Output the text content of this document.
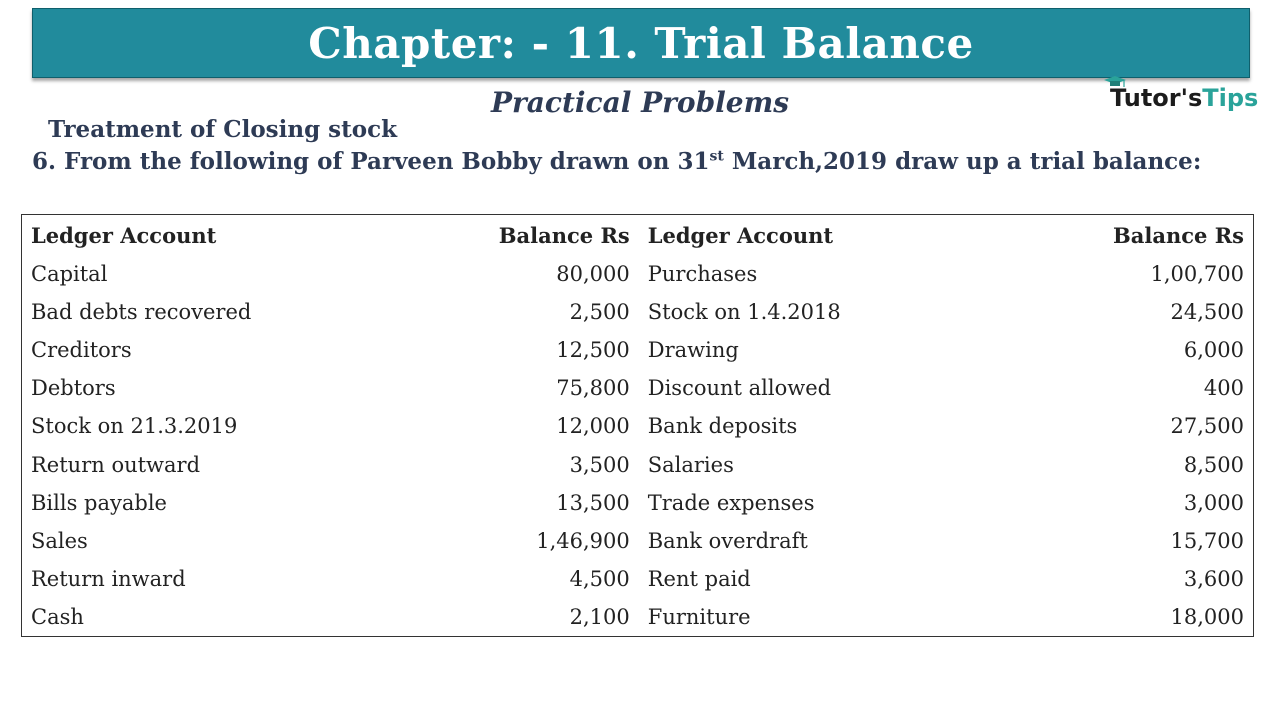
Chapter: - 11. Trial Balance
Practical Problems	Tutor'sTips
Treatment of Closing stock
6. From the following of Parveen Bobby drawn on 31st March,2019 draw up a trial balance:
Ledger Account	Balance Rs	Ledger Account	Balance Rs
Capital	80,000	Purchases	1,00,700
Bad debts recovered	2,500	Stock on 1.4.2018	24,500
Creditors	12,500	Drawing	6,000
Debtors	75,800	Discount allowed	400
Stock on 21.3.2019	12,000	Bank deposits	27,500
Return outward	3,500	Salaries	8,500
Bills payable	13,500	Trade expenses	3,000
Sales	1,46,900	Bank overdraft	15,700
Return inward	4,500	Rent paid	3,600
Cash	2,100	Furniture	18,000
